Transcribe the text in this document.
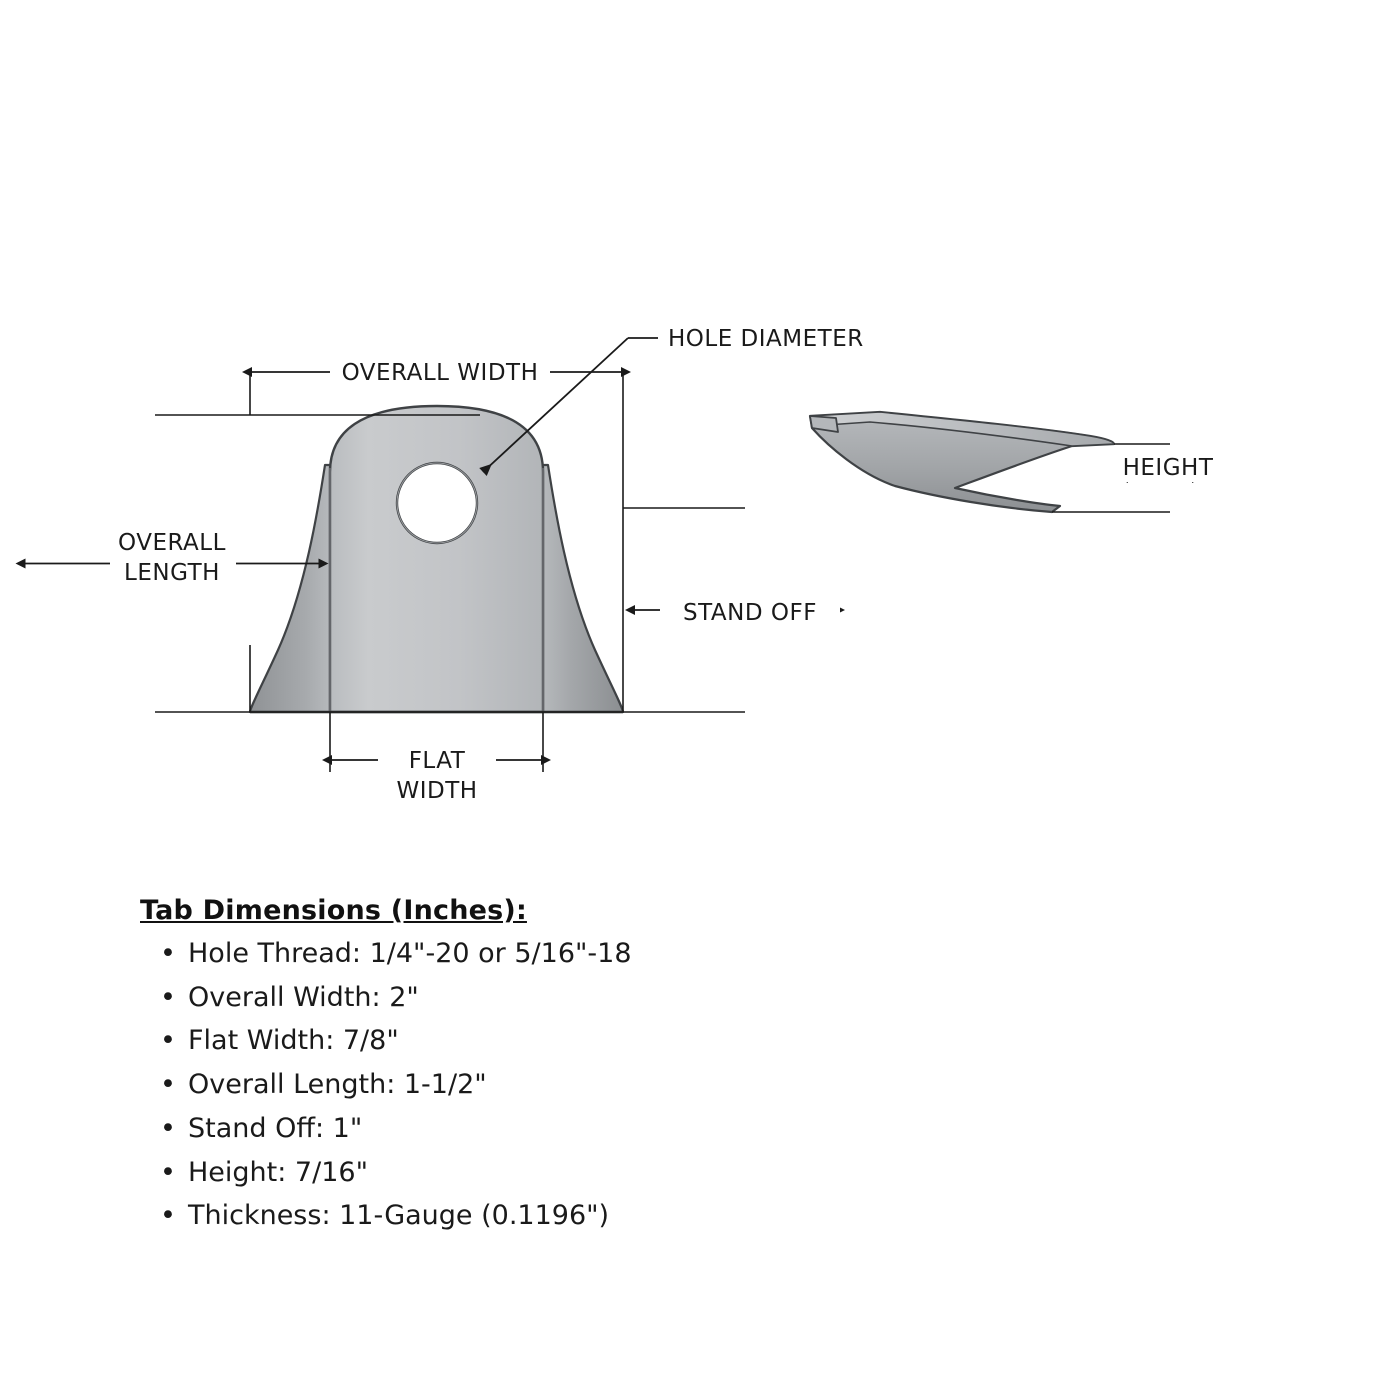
OVERALL WIDTH
HOLE DIAMETER
OVERALL
LENGTH
STAND OFF
FLAT
WIDTH
HEIGHT
Tab Dimensions (Inches):
• Hole Thread: 1/4"-20 or 5/16"-18
• Overall Width: 2"
• Flat Width: 7/8"
• Overall Length: 1-1/2"
• Stand Off: 1"
• Height: 7/16"
• Thickness: 11-Gauge (0.1196")
